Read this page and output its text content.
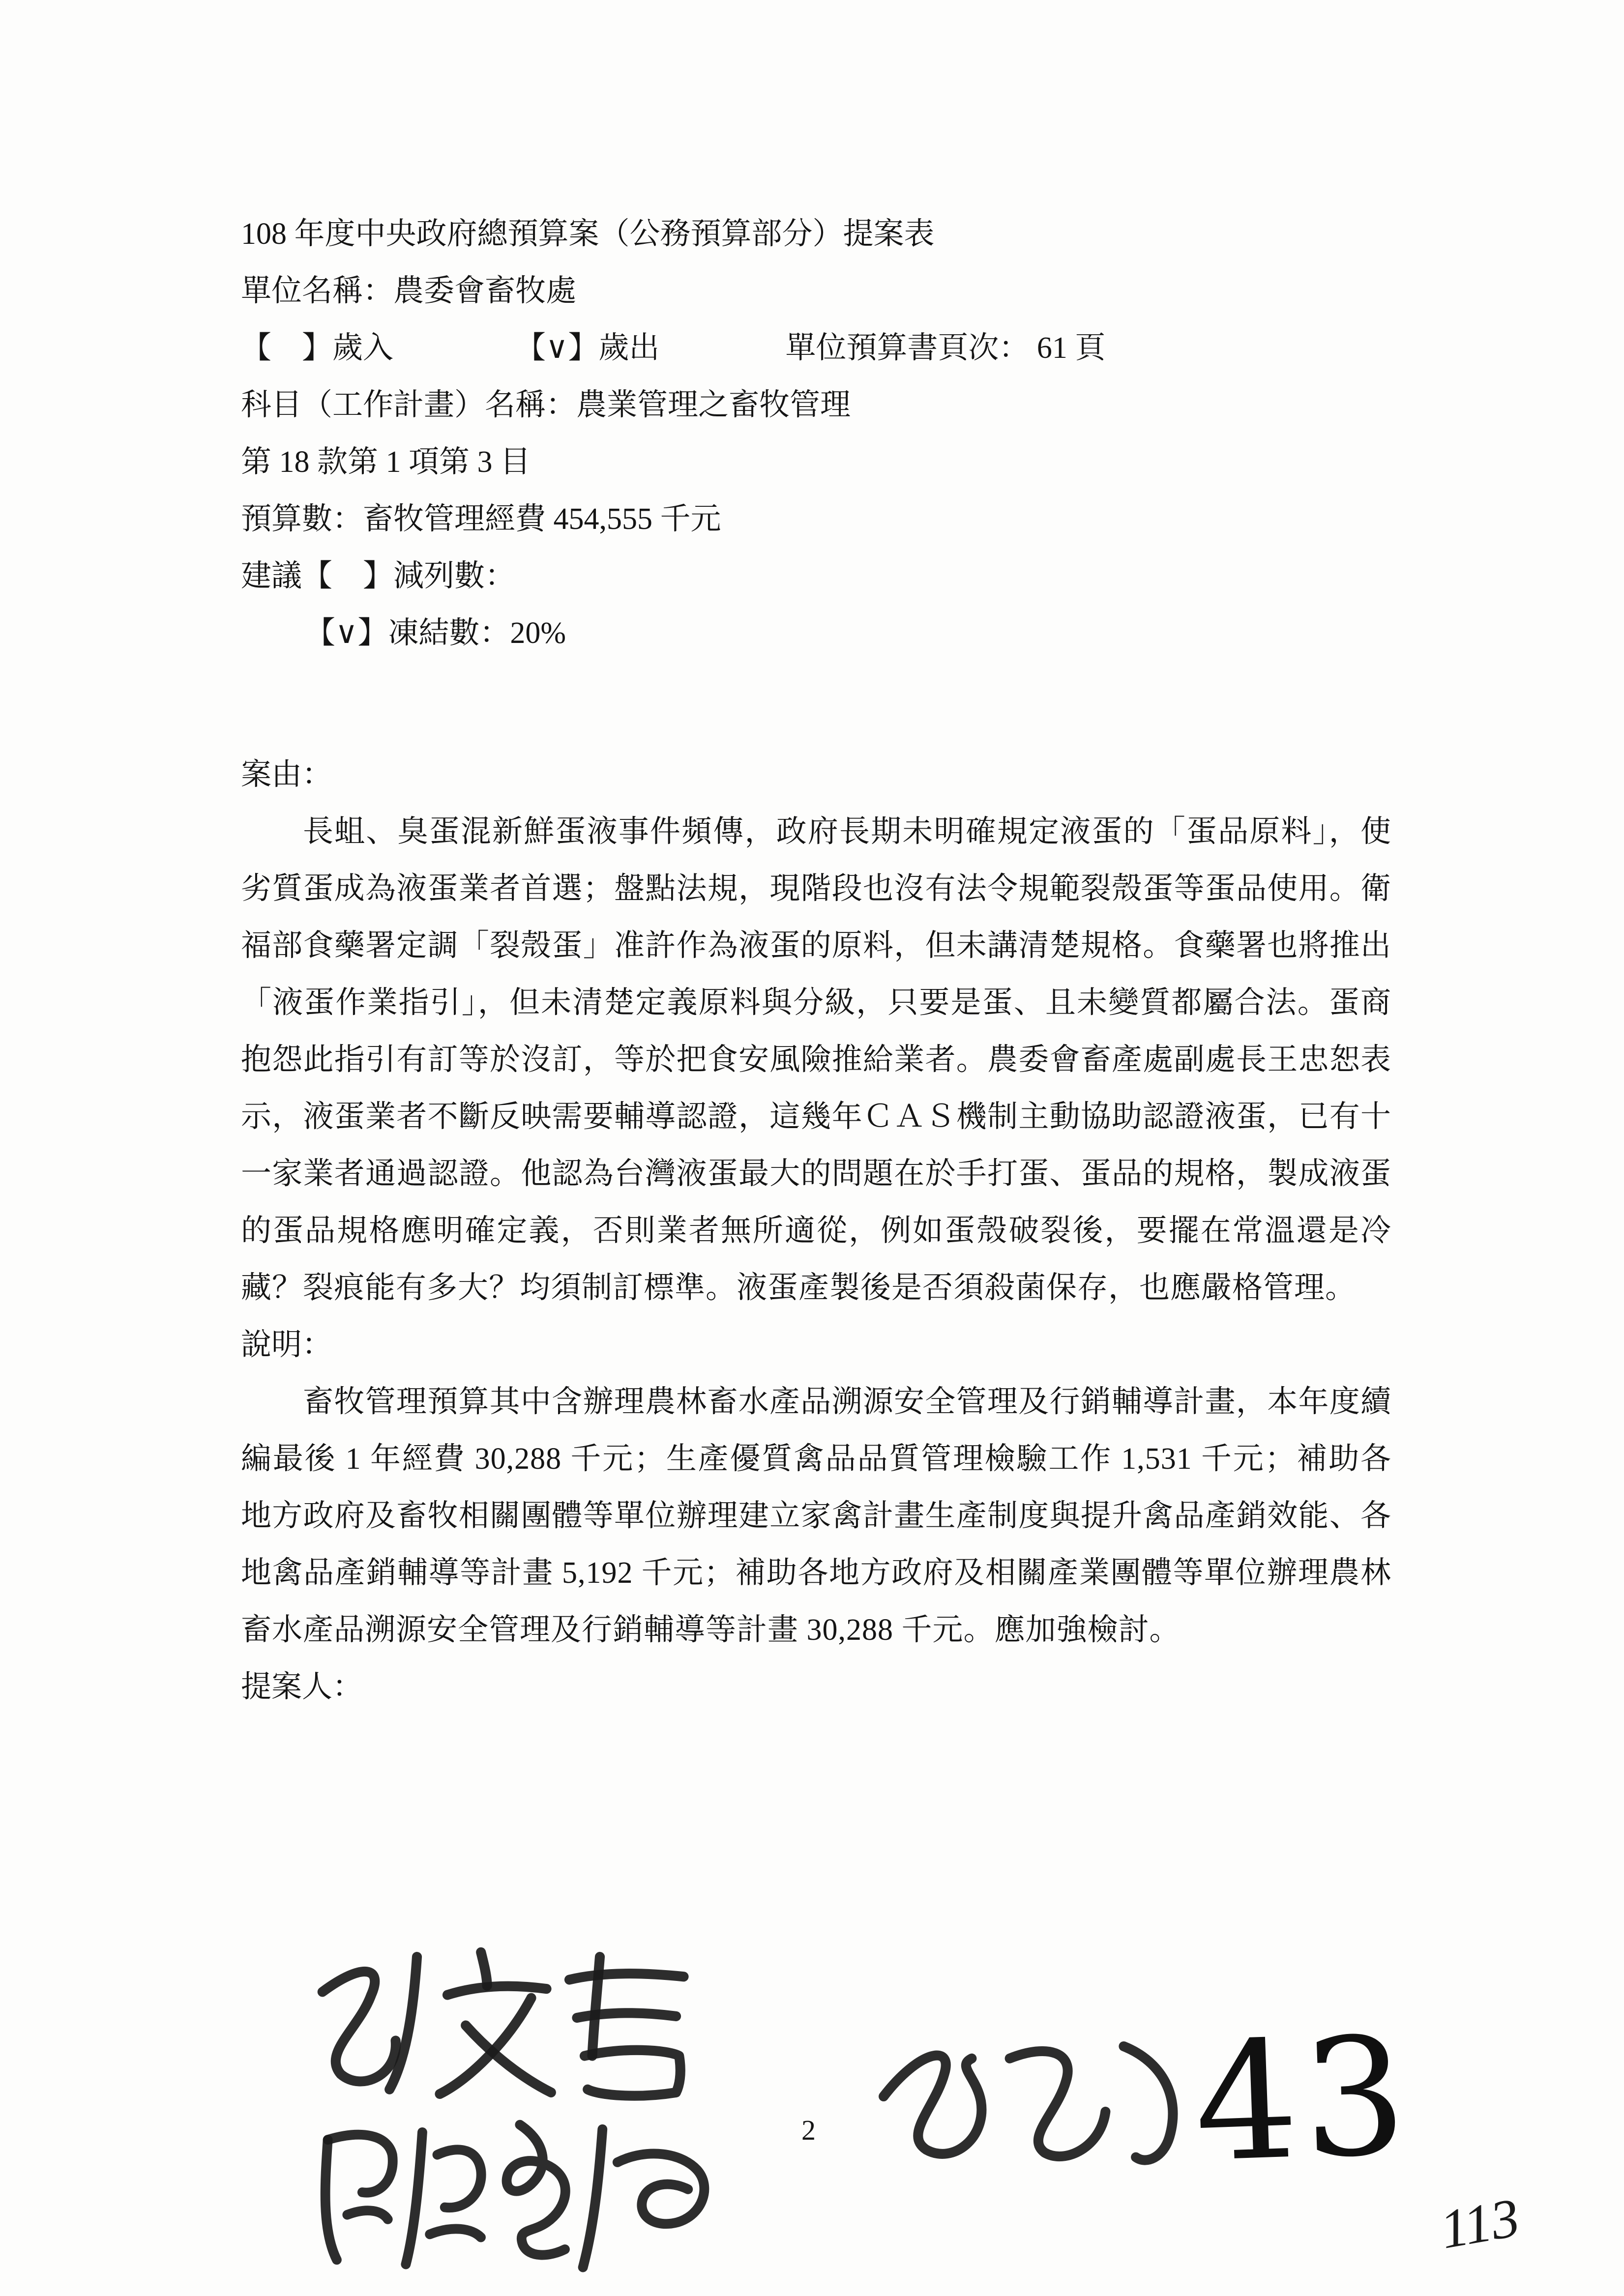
108 年度中央政府總預算案（公務預算部分）提案表
單位名稱：農委會畜牧處
【　】歲入	【∨】歲出	單位預算書頁次： 61 頁
科目（工作計畫）名稱：農業管理之畜牧管理
第 18 款第 1 項第 3 目
預算數：畜牧管理經費 454,555 千元
建議【　】減列數：
【∨】凍結數：20%
案由：
長蛆、臭蛋混新鮮蛋液事件頻傳，政府長期未明確規定液蛋的「蛋品原料」，使劣質蛋成為液蛋業者首選；盤點法規，現階段也沒有法令規範裂殼蛋等蛋品使用。衛福部食藥署定調「裂殼蛋」准許作為液蛋的原料，但未講清楚規格。食藥署也將推出「液蛋作業指引」，但未清楚定義原料與分級，只要是蛋、且未變質都屬合法。蛋商抱怨此指引有訂等於沒訂，等於把食安風險推給業者。農委會畜產處副處長王忠恕表示，液蛋業者不斷反映需要輔導認證，這幾年ＣＡＳ機制主動協助認證液蛋，已有十一家業者通過認證。他認為台灣液蛋最大的問題在於手打蛋、蛋品的規格，製成液蛋的蛋品規格應明確定義，否則業者無所適從，例如蛋殼破裂後，要擺在常溫還是冷藏？裂痕能有多大？均須制訂標準。液蛋產製後是否須殺菌保存，也應嚴格管理。
說明：
畜牧管理預算其中含辦理農林畜水產品溯源安全管理及行銷輔導計畫，本年度續編最後 1 年經費 30,288 千元；生產優質禽品品質管理檢驗工作 1,531 千元；補助各地方政府及畜牧相關團體等單位辦理建立家禽計畫生產制度與提升禽品產銷效能、各地禽品產銷輔導等計畫 5,192 千元；補助各地方政府及相關產業團體等單位辦理農林畜水產品溯源安全管理及行銷輔導等計畫 30,288 千元。應加強檢討。
提案人：
2 43
113
